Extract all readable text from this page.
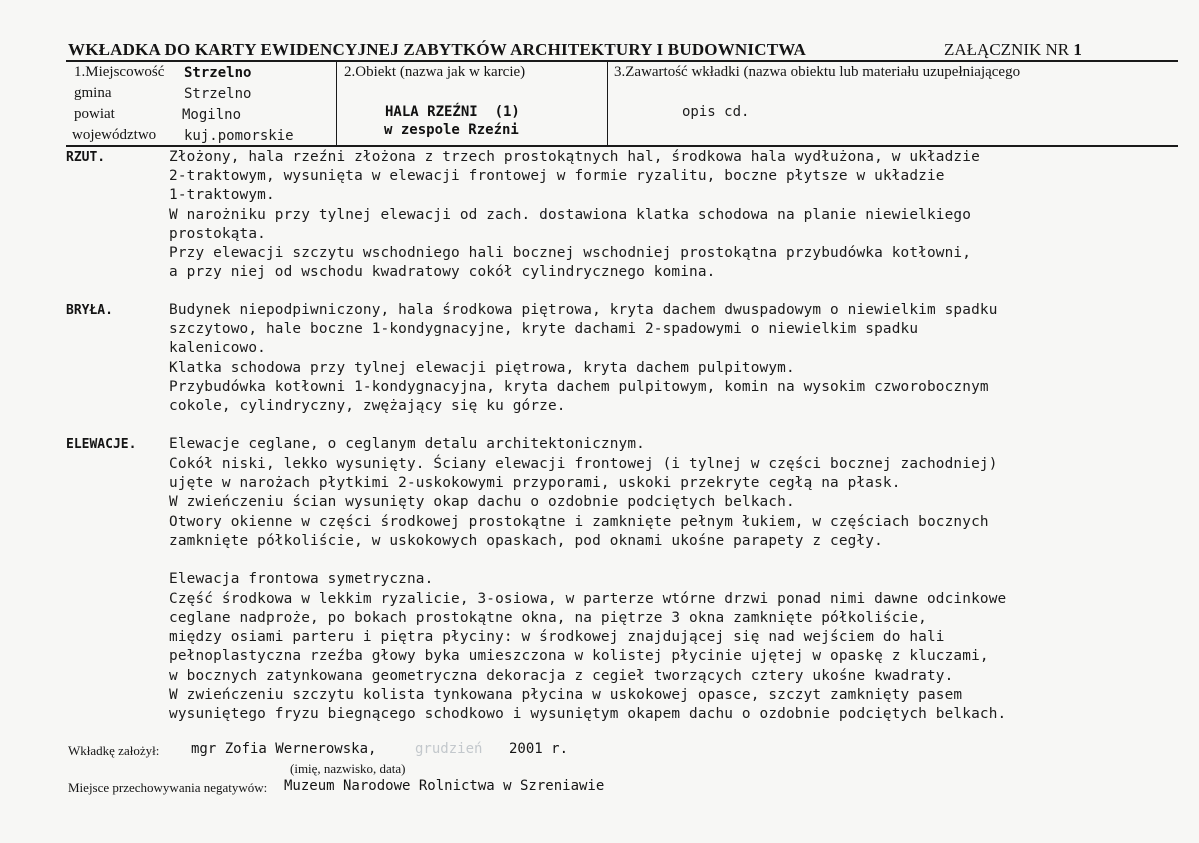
WKŁADKA DO KARTY EWIDENCYJNEJ ZABYTKÓW ARCHITEKTURY I BUDOWNICTWA	ZAŁĄCZNIK NR 1
1.Miejscowość Strzelno
gmina	Strzelno
powiat	Mogilno
województwo kuj.pomorskie
2.Obiekt (nazwa jak w karcie)
HALA RZEŹNI  (1)
w zespole Rzeźni
3.Zawartość wkładki (nazwa obiektu lub materiału uzupełniającego
opis cd.
RZUT.	Złożony, hala rzeźni złożona z trzech prostokątnych hal, środkowa hala wydłużona, w układzie
2-traktowym, wysunięta w elewacji frontowej w formie ryzalitu, boczne płytsze w układzie
1-traktowym.
W narożniku przy tylnej elewacji od zach. dostawiona klatka schodowa na planie niewielkiego
prostokąta.
Przy elewacji szczytu wschodniego hali bocznej wschodniej prostokątna przybudówka kotłowni,
a przy niej od wschodu kwadratowy cokół cylindrycznego komina.
BRYŁA.	Budynek niepodpiwniczony, hala środkowa piętrowa, kryta dachem dwuspadowym o niewielkim spadku
szczytowo, hale boczne 1-kondygnacyjne, kryte dachami 2-spadowymi o niewielkim spadku
kalenicowo.
Klatka schodowa przy tylnej elewacji piętrowa, kryta dachem pulpitowym.
Przybudówka kotłowni 1-kondygnacyjna, kryta dachem pulpitowym, komin na wysokim czworobocznym
cokole, cylindryczny, zwężający się ku górze.
ELEWACJE. Elewacje ceglane, o ceglanym detalu architektonicznym.
Cokół niski, lekko wysunięty. Ściany elewacji frontowej (i tylnej w części bocznej zachodniej)
ujęte w narożach płytkimi 2-uskokowymi przyporami, uskoki przekryte cegłą na płask.
W zwieńczeniu ścian wysunięty okap dachu o ozdobnie podciętych belkach.
Otwory okienne w części środkowej prostokątne i zamknięte pełnym łukiem, w częściach bocznych
zamknięte półkoliście, w uskokowych opaskach, pod oknami ukośne parapety z cegły.
Elewacja frontowa symetryczna.
Część środkowa w lekkim ryzalicie, 3-osiowa, w parterze wtórne drzwi ponad nimi dawne odcinkowe
ceglane nadproże, po bokach prostokątne okna, na piętrze 3 okna zamknięte półkoliście,
między osiami parteru i piętra płyciny: w środkowej znajdującej się nad wejściem do hali
pełnoplastyczna rzeźba głowy byka umieszczona w kolistej płycinie ujętej w opaskę z kluczami,
w bocznych zatynkowana geometryczna dekoracja z cegieł tworzących cztery ukośne kwadraty.
W zwieńczeniu szczytu kolista tynkowana płycina w uskokowej opasce, szczyt zamknięty pasem
wysuniętego fryzu biegnącego schodkowo i wysuniętym okapem dachu o ozdobnie podciętych belkach.
Wkładkę założył: mgr Zofia Wernerowska,	grudzień 2001 r.
(imię, nazwisko, data)
Miejsce przechowywania negatywów: Muzeum Narodowe Rolnictwa w Szreniawie
